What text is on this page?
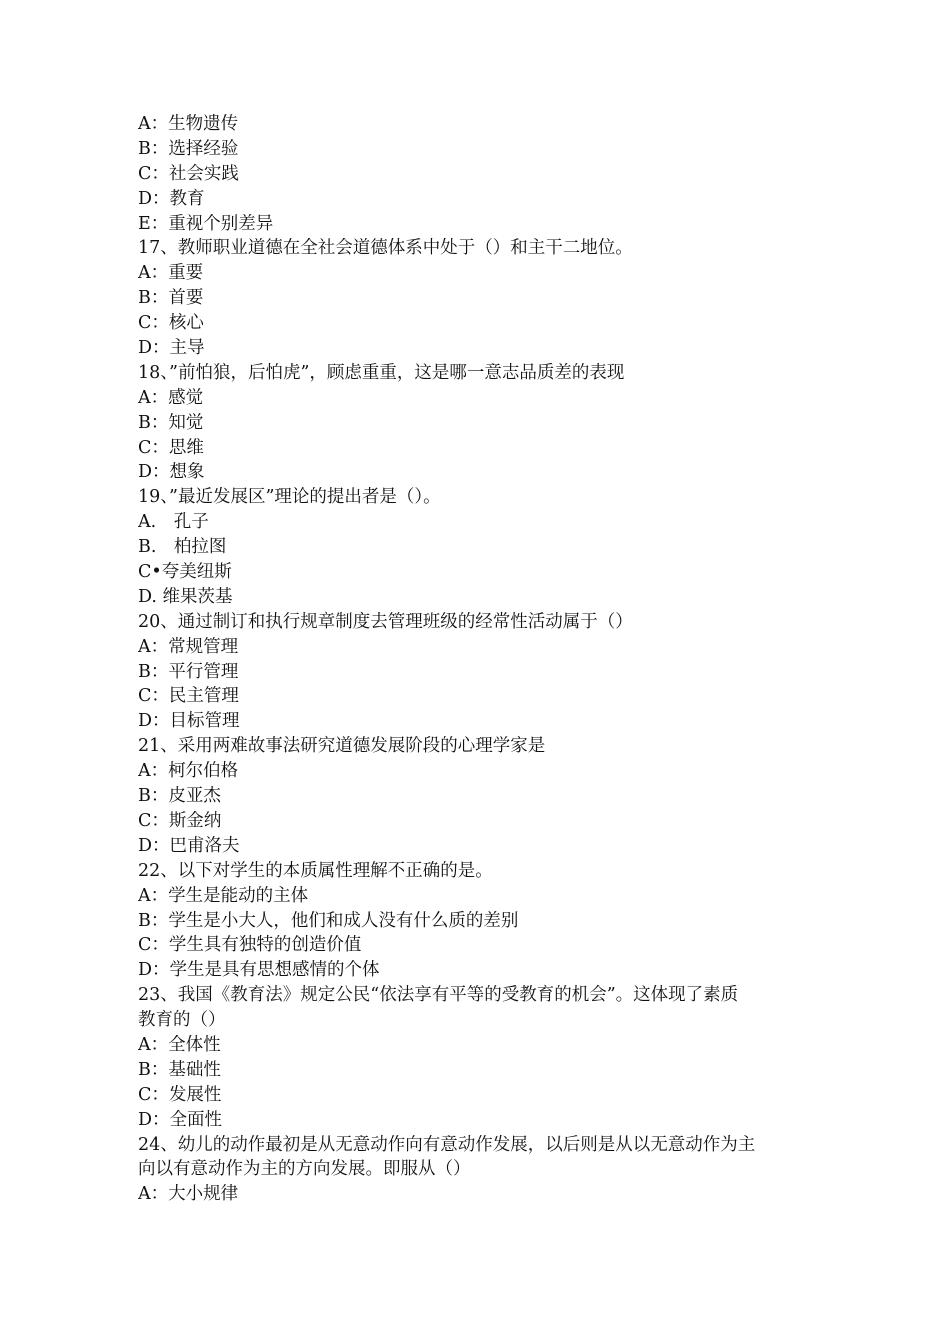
A：生物遗传
B：选择经验
C：社会实践
D：教育
E：重视个别差异
17、教师职业道德在全社会道德体系中处于（）和主干二地位。
A：重要
B：首要
C：核心
D：主导
18、”前怕狼，后怕虎”，顾虑重重，这是哪一意志品质差的表现
A：感觉
B：知觉
C：思维
D：想象
19、”最近发展区”理论的提出者是（）。
A.　孔子
B.　柏拉图
C•夸美纽斯
D. 维果茨基
20、通过制订和执行规章制度去管理班级的经常性活动属于（）
A：常规管理
B：平行管理
C：民主管理
D：目标管理
21、采用两难故事法研究道德发展阶段的心理学家是
A：柯尔伯格
B：皮亚杰
C：斯金纳
D：巴甫洛夫
22、以下对学生的本质属性理解不正确的是。
A：学生是能动的主体
B：学生是小大人，他们和成人没有什么质的差别
C：学生具有独特的创造价值
D：学生是具有思想感情的个体
23、我国《教育法》规定公民“依法享有平等的受教育的机会”。这体现了素质
教育的（）
A：全体性
B：基础性
C：发展性
D：全面性
24、幼儿的动作最初是从无意动作向有意动作发展，以后则是从以无意动作为主
向以有意动作为主的方向发展。即服从（）
A：大小规律
